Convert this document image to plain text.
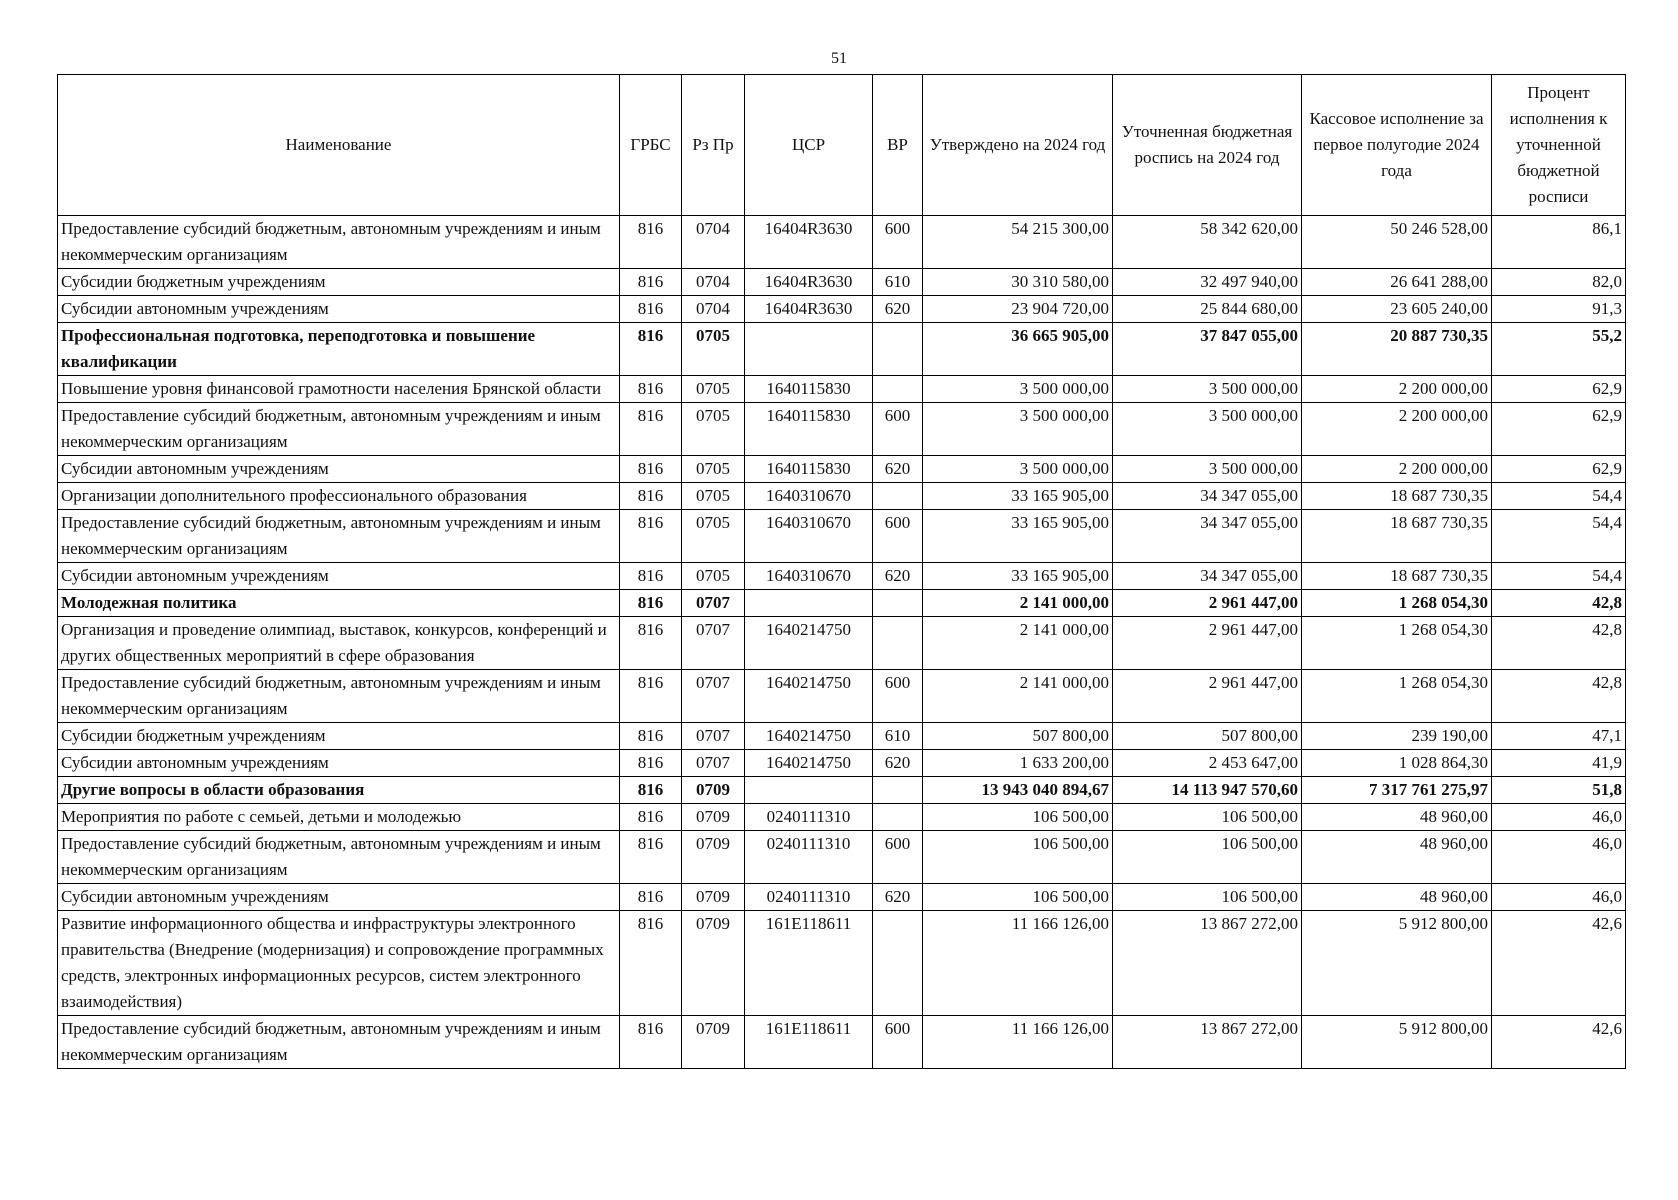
51
Наименование	ГРБС	Рз Пр	ЦСР	ВР	Утверждено на 2024 год	Уточненная бюджетная роспись на 2024 год	Кассовое исполнение за первое полугодие 2024 года	Процент исполнения к уточненной бюджетной росписи
Предоставление субсидий бюджетным, автономным учреждениям и иным некоммерческим организациям	816	0704	16404R3630	600	54 215 300,00	58 342 620,00	50 246 528,00	86,1
Субсидии бюджетным учреждениям	816	0704	16404R3630	610	30 310 580,00	32 497 940,00	26 641 288,00	82,0
Субсидии автономным учреждениям	816	0704	16404R3630	620	23 904 720,00	25 844 680,00	23 605 240,00	91,3
Профессиональная подготовка, переподготовка и повышение квалификации	816	0705			36 665 905,00	37 847 055,00	20 887 730,35	55,2
Повышение уровня финансовой грамотности населения Брянской области	816	0705	1640115830		3 500 000,00	3 500 000,00	2 200 000,00	62,9
Предоставление субсидий бюджетным, автономным учреждениям и иным некоммерческим организациям	816	0705	1640115830	600	3 500 000,00	3 500 000,00	2 200 000,00	62,9
Субсидии автономным учреждениям	816	0705	1640115830	620	3 500 000,00	3 500 000,00	2 200 000,00	62,9
Организации дополнительного профессионального образования	816	0705	1640310670		33 165 905,00	34 347 055,00	18 687 730,35	54,4
Предоставление субсидий бюджетным, автономным учреждениям и иным некоммерческим организациям	816	0705	1640310670	600	33 165 905,00	34 347 055,00	18 687 730,35	54,4
Субсидии автономным учреждениям	816	0705	1640310670	620	33 165 905,00	34 347 055,00	18 687 730,35	54,4
Молодежная политика	816	0707			2 141 000,00	2 961 447,00	1 268 054,30	42,8
Организация и проведение олимпиад, выставок, конкурсов, конференций и других общественных мероприятий в сфере образования	816	0707	1640214750		2 141 000,00	2 961 447,00	1 268 054,30	42,8
Предоставление субсидий бюджетным, автономным учреждениям и иным некоммерческим организациям	816	0707	1640214750	600	2 141 000,00	2 961 447,00	1 268 054,30	42,8
Субсидии бюджетным учреждениям	816	0707	1640214750	610	507 800,00	507 800,00	239 190,00	47,1
Субсидии автономным учреждениям	816	0707	1640214750	620	1 633 200,00	2 453 647,00	1 028 864,30	41,9
Другие вопросы в области образования	816	0709			13 943 040 894,67	14 113 947 570,60	7 317 761 275,97	51,8
Мероприятия по работе с семьей, детьми и молодежью	816	0709	0240111310		106 500,00	106 500,00	48 960,00	46,0
Предоставление субсидий бюджетным, автономным учреждениям и иным некоммерческим организациям	816	0709	0240111310	600	106 500,00	106 500,00	48 960,00	46,0
Субсидии автономным учреждениям	816	0709	0240111310	620	106 500,00	106 500,00	48 960,00	46,0
Развитие информационного общества и инфраструктуры электронного правительства (Внедрение (модернизация) и сопровождение программных средств, электронных информационных ресурсов, систем электронного взаимодействия)	816	0709	161E118611		11 166 126,00	13 867 272,00	5 912 800,00	42,6
Предоставление субсидий бюджетным, автономным учреждениям и иным некоммерческим организациям	816	0709	161E118611	600	11 166 126,00	13 867 272,00	5 912 800,00	42,6
